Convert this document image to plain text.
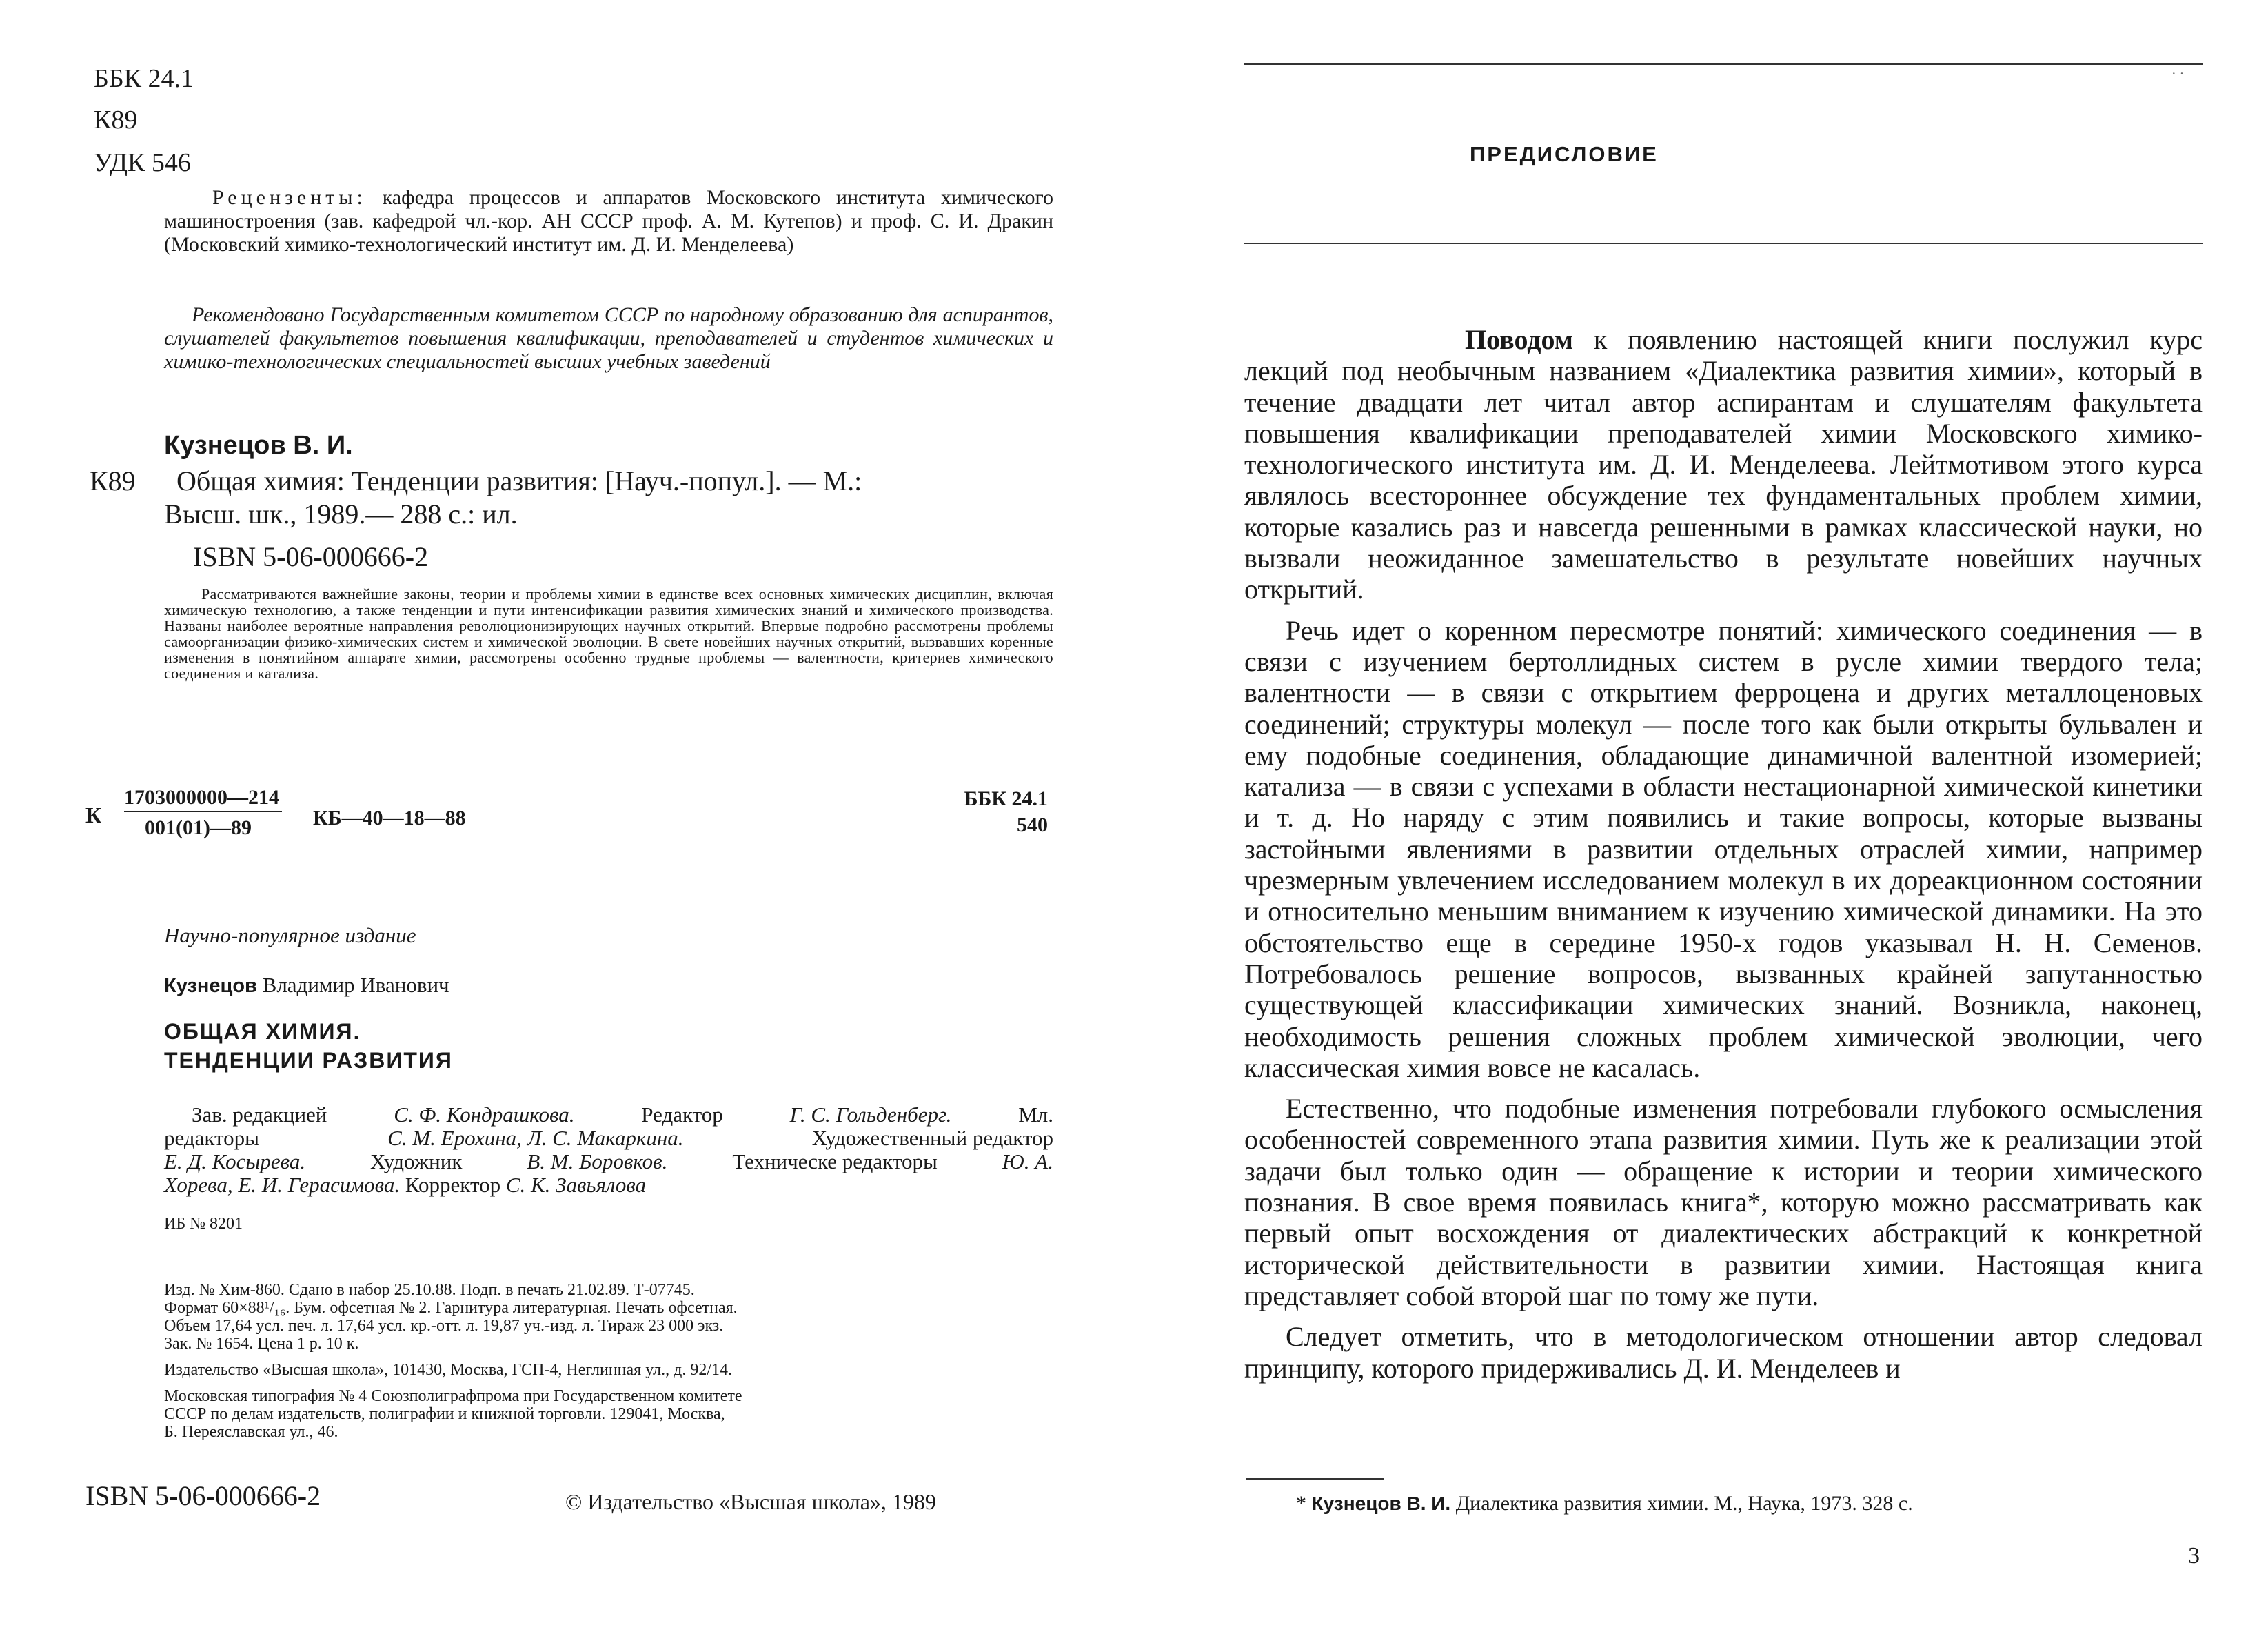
ББК 24.1
К89
УДК 546
Рецензенты: кафедра процессов и аппаратов Московского института химического машиностроения (зав. кафедрой чл.-кор. АН СССР проф. А. М. Кутепов) и проф. С. И. Дракин (Московский химико-технологический институт им. Д. И. Менделеева)
Рекомендовано Государственным комитетом СССР по народному образованию для аспирантов, слушателей факультетов повышения квалификации, преподавателей и студентов химических и химико-технологических специальностей высших учебных заведений
Кузнецов В. И.
К89 Общая химия: Тенденции развития: [Науч.-попул.]. — М.:
Высш. шк., 1989.— 288 с.: ил.
ISBN 5-06-000666-2
Рассматриваются важнейшие законы, теории и проблемы химии в единстве всех основных химических дисциплин, включая химическую технологию, а также тенденции и пути интенсификации развития химических знаний и химического производства. Названы наиболее вероятные направления революционизирующих научных открытий. Впервые подробно рассмотрены проблемы самоорганизации физико-химических систем и химической эволюции. В свете новейших научных открытий, вызвавших коренные изменения в понятийном аппарате химии, рассмотрены особенно трудные проблемы — валентности, критериев химического соединения и катализа.
К
1703000000—214
001(01)—89	КБ—40—18—88
ББК 24.1
540
Научно-популярное издание
Кузнецов Владимир Иванович
ОБЩАЯ ХИМИЯ.
ТЕНДЕНЦИИ РАЗВИТИЯ
Зав. редакцией	С. Ф. Кондрашкова.	Редактор	Г. С. Гольденберг.	Мл.
редакторы	С. М. Ерохина, Л. С. Макаркина.	Художественный редактор
Е. Д. Косырева.	Художник	В. М. Боровков.	Техническе редакторы	Ю. А.
Хорева, Е. И. Герасимова. Корректор С. К. Завьялова
ИБ № 8201
Изд. № Хим-860. Сдано в набор 25.10.88. Подп. в печать 21.02.89. Т-07745.
Формат 60×88¹/₁₆. Бум. офсетная № 2. Гарнитура литературная. Печать офсетная.
Объем 17,64 усл. печ. л. 17,64 усл. кр.-отт. л. 19,87 уч.-изд. л. Тираж 23 000 экз.
Зак. № 1654. Цена 1 р. 10 к.
Издательство «Высшая школа», 101430, Москва, ГСП-4, Неглинная ул., д. 92/14.
Московская типография № 4 Союзполиграфпрома при Государственном комитете
СССР по делам издательств, полиграфии и книжной торговли. 129041, Москва,
Б. Переяславская ул., 46.
ISBN 5-06-000666-2	© Издательство «Высшая школа», 1989
· ·
ПРЕДИСЛОВИЕ

Поводом к появлению настоящей книги послужил курс лекций под необычным названием «Диалектика развития химии», который в течение двадцати лет читал автор аспирантам и слушателям факультета повышения квалификации преподавателей химии Московского химико-технологического института им. Д. И. Менделеева. Лейтмотивом этого курса являлось всестороннее обсуждение тех фундаментальных проблем химии, которые казались раз и навсегда решенными в рамках классической науки, но вызвали неожиданное замешательство в результате новейших научных открытий.

Речь идет о коренном пересмотре понятий: химического соединения — в связи с изучением бертоллидных систем в русле химии твердого тела; валентности — в связи с открытием ферроцена и других металлоценовых соединений; структуры молекул — после того как были открыты бульвален и ему подобные соединения, обладающие динамичной валентной изомерией; катализа — в связи с успехами в области нестационарной химической кинетики и т. д. Но наряду с этим появились и такие вопросы, которые вызваны застойными явлениями в развитии отдельных отраслей химии, например чрезмерным увлечением исследованием молекул в их дореакционном состоянии и относительно меньшим вниманием к изучению химической динамики. На это обстоятельство еще в середине 1950-х годов указывал Н. Н. Семенов. Потребовалось решение вопросов, вызванных крайней запутанностью существующей классификации химических знаний. Возникла, наконец, необходимость решения сложных проблем химической эволюции, чего классическая химия вовсе не касалась.

Естественно, что подобные изменения потребовали глубокого осмысления особенностей современного этапа развития химии. Путь же к реализации этой задачи был только один — обращение к истории и теории химического познания. В свое время появилась книга*, которую можно рассматривать как первый опыт восхождения от диалектических абстракций к конкретной исторической действительности в развитии химии. Настоящая книга представляет собой второй шаг по тому же пути.

Следует отметить, что в методологическом отношении автор следовал принципу, которого придерживались Д. И. Менделеев и

* Кузнецов В. И. Диалектика развития химии. М., Наука, 1973. 328 с.
3
